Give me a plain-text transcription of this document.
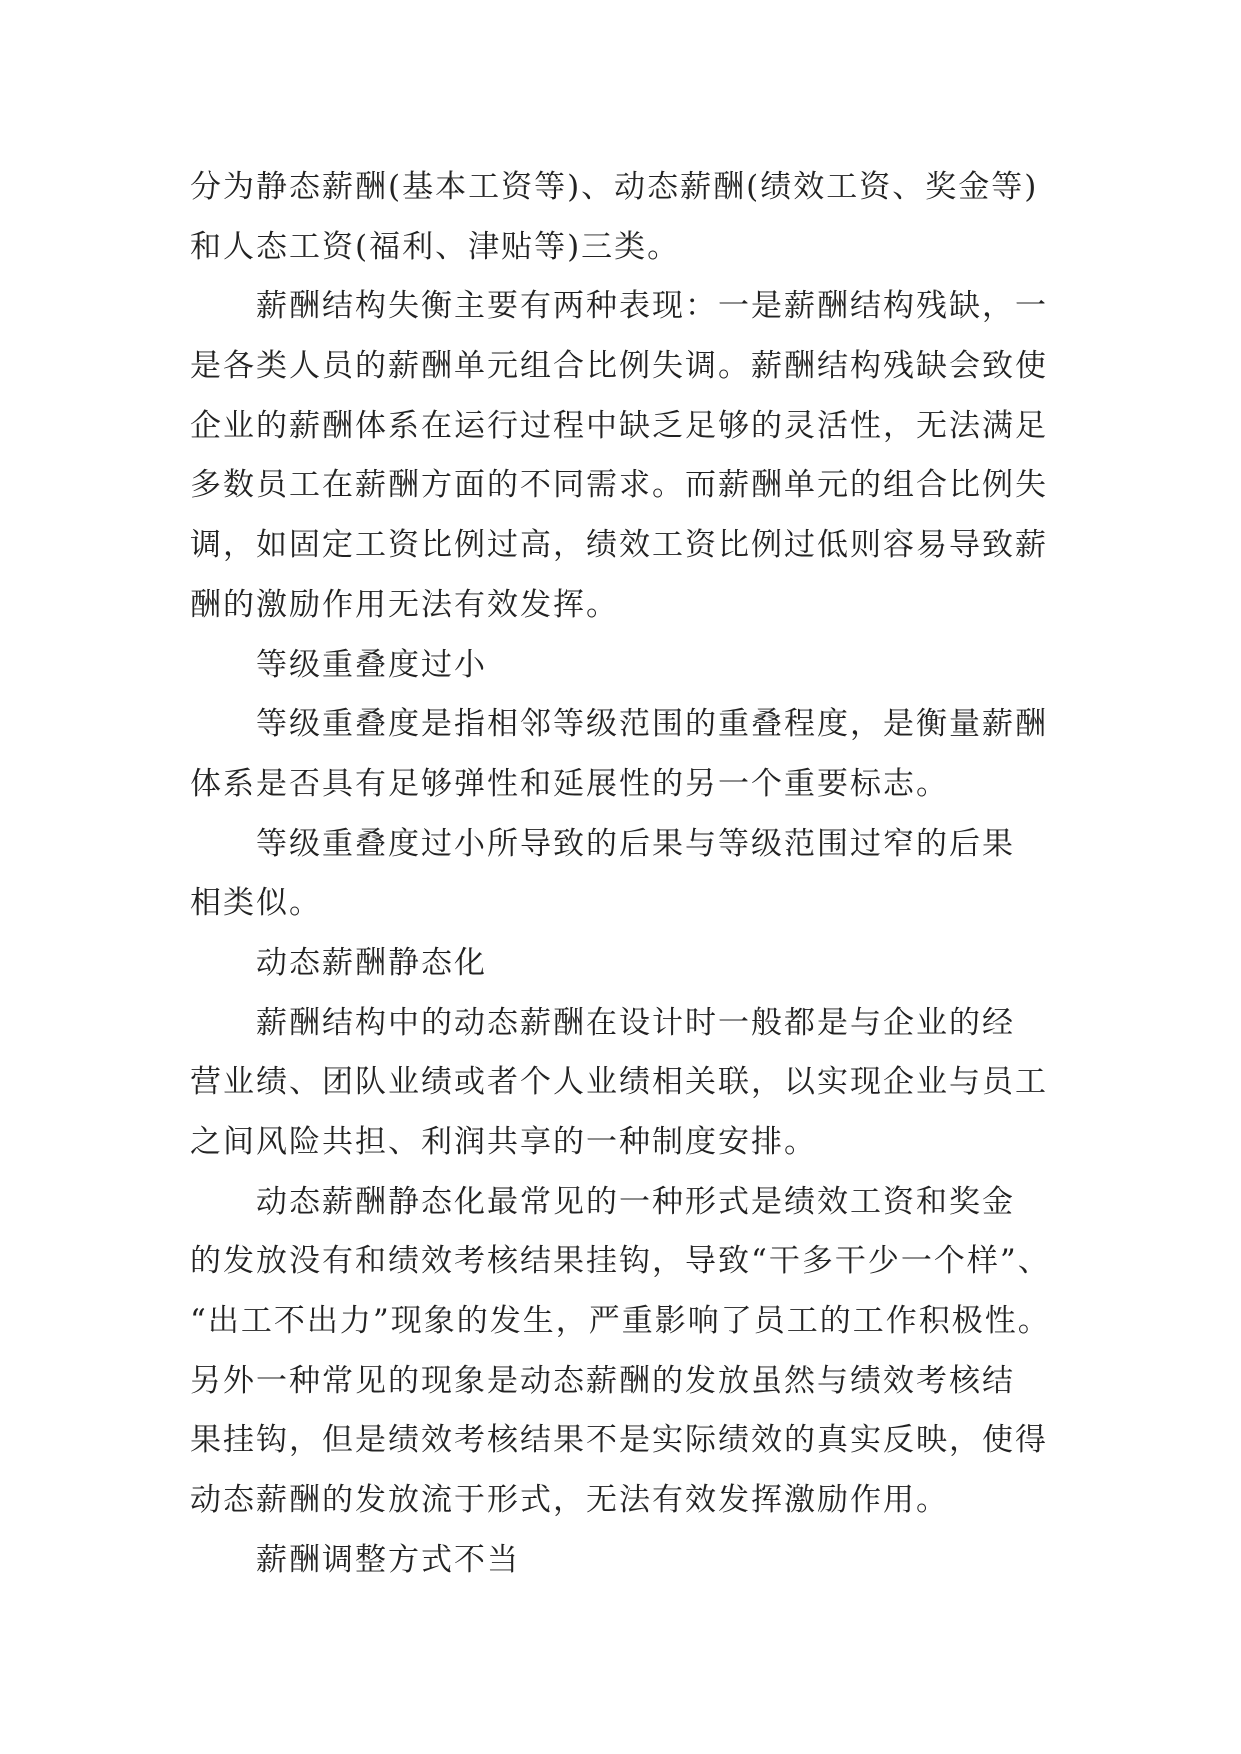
分为静态薪酬(基本工资等)、动态薪酬(绩效工资、奖金等)
和人态工资(福利、津贴等)三类。
薪酬结构失衡主要有两种表现：一是薪酬结构残缺，一
是各类人员的薪酬单元组合比例失调。薪酬结构残缺会致使
企业的薪酬体系在运行过程中缺乏足够的灵活性，无法满足
多数员工在薪酬方面的不同需求。而薪酬单元的组合比例失
调，如固定工资比例过高，绩效工资比例过低则容易导致薪
酬的激励作用无法有效发挥。
等级重叠度过小
等级重叠度是指相邻等级范围的重叠程度，是衡量薪酬
体系是否具有足够弹性和延展性的另一个重要标志。
等级重叠度过小所导致的后果与等级范围过窄的后果
相类似。
动态薪酬静态化
薪酬结构中的动态薪酬在设计时一般都是与企业的经
营业绩、团队业绩或者个人业绩相关联，以实现企业与员工
之间风险共担、利润共享的一种制度安排。
动态薪酬静态化最常见的一种形式是绩效工资和奖金
的发放没有和绩效考核结果挂钩，导致“干多干少一个样”、
“出工不出力”现象的发生，严重影响了员工的工作积极性。
另外一种常见的现象是动态薪酬的发放虽然与绩效考核结
果挂钩，但是绩效考核结果不是实际绩效的真实反映，使得
动态薪酬的发放流于形式，无法有效发挥激励作用。
薪酬调整方式不当
